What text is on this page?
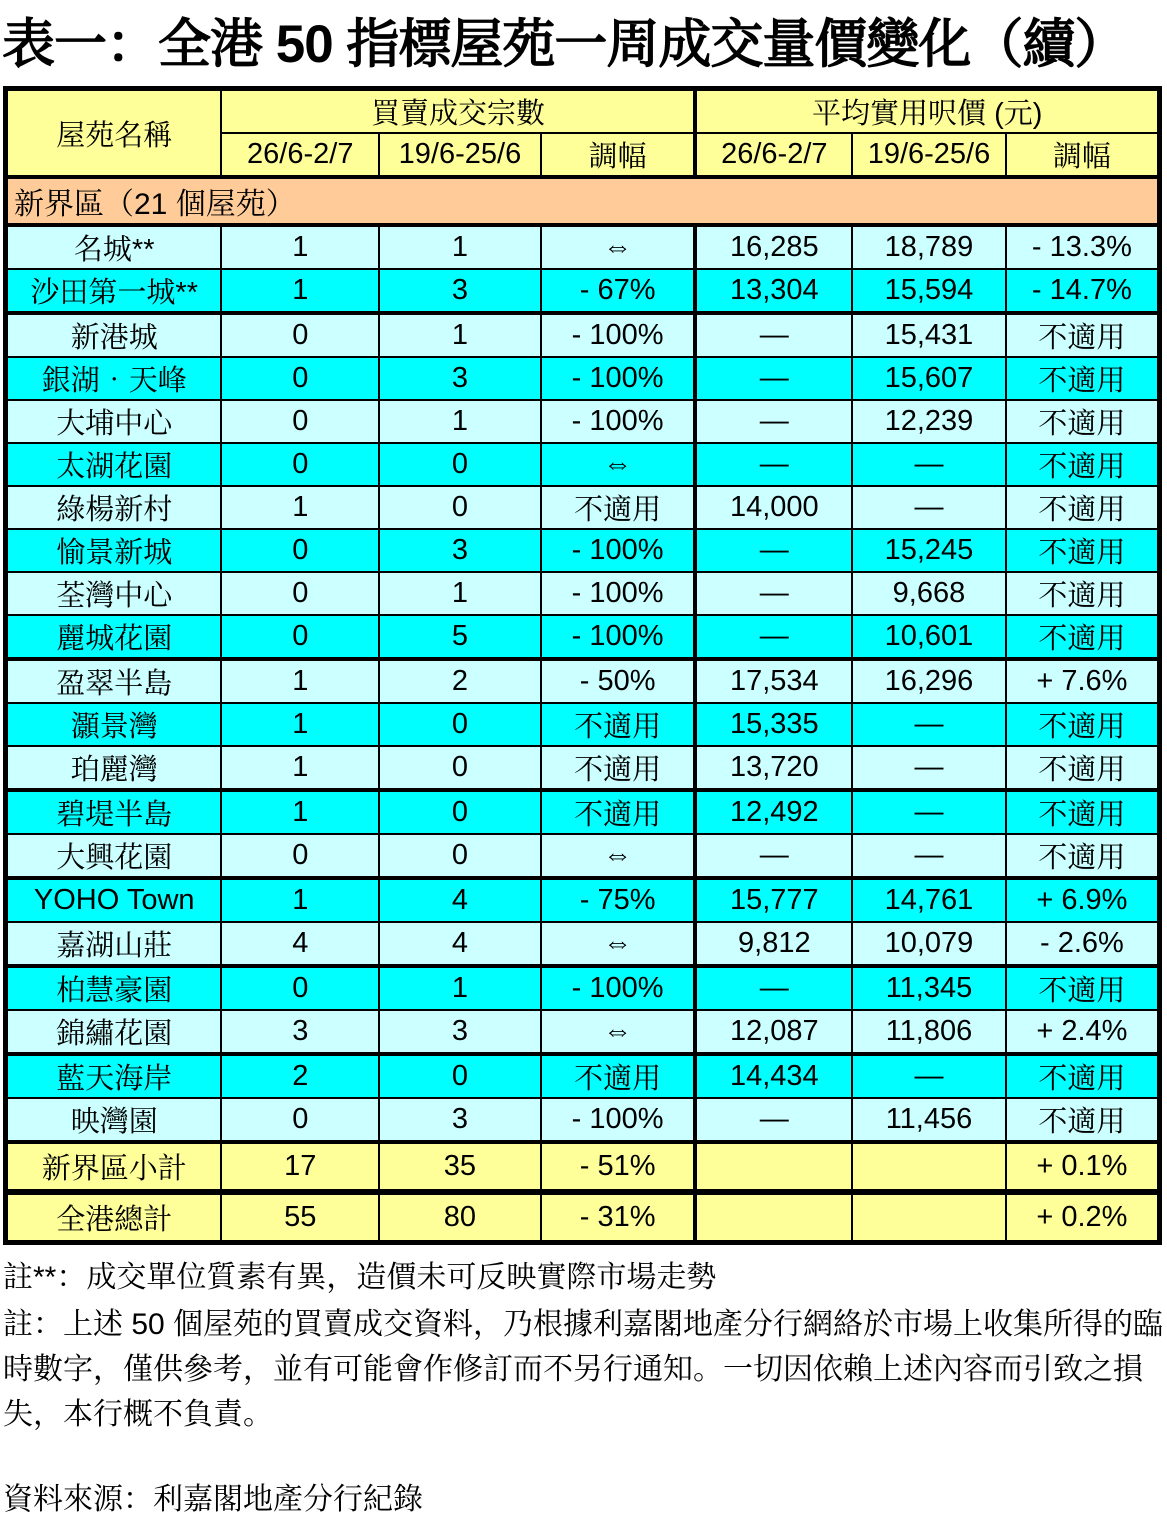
表一：全港 50 指標屋苑一周成交量價變化（續）
屋苑名稱	買賣成交宗數			平均實用呎價 (元)		
	26/6-2/7	19/6-25/6	調幅	26/6-2/7	19/6-25/6	調幅
新界區（21 個屋苑）						
名城**	1	1	⇔	16,285	18,789	- 13.3%
沙田第一城**	1	3	- 67%	13,304	15,594	- 14.7%
新港城	0	1	- 100%	—	15,431	不適用
銀湖‧天峰	0	3	- 100%	—	15,607	不適用
大埔中心	0	1	- 100%	—	12,239	不適用
太湖花園	0	0	⇔	—	—	不適用
綠楊新村	1	0	不適用	14,000	—	不適用
愉景新城	0	3	- 100%	—	15,245	不適用
荃灣中心	0	1	- 100%	—	9,668	不適用
麗城花園	0	5	- 100%	—	10,601	不適用
盈翠半島	1	2	- 50%	17,534	16,296	+ 7.6%
灝景灣	1	0	不適用	15,335	—	不適用
珀麗灣	1	0	不適用	13,720	—	不適用
碧堤半島	1	0	不適用	12,492	—	不適用
大興花園	0	0	⇔	—	—	不適用
YOHO Town	1	4	- 75%	15,777	14,761	+ 6.9%
嘉湖山莊	4	4	⇔	9,812	10,079	- 2.6%
柏慧豪園	0	1	- 100%	—	11,345	不適用
錦繡花園	3	3	⇔	12,087	11,806	+ 2.4%
藍天海岸	2	0	不適用	14,434	—	不適用
映灣園	0	3	- 100%	—	11,456	不適用
新界區小計	17	35	- 51%			+ 0.1%
全港總計	55	80	- 31%			+ 0.2%

註**：成交單位質素有異，造價未可反映實際市場走勢

註：上述 50 個屋苑的買賣成交資料，乃根據利嘉閣地產分行網絡於市場上收集所得的臨時數字，僅供參考，並有可能會作修訂而不另行通知。一切因依賴上述內容而引致之損失，本行概不負責。

資料來源：利嘉閣地產分行紀錄
